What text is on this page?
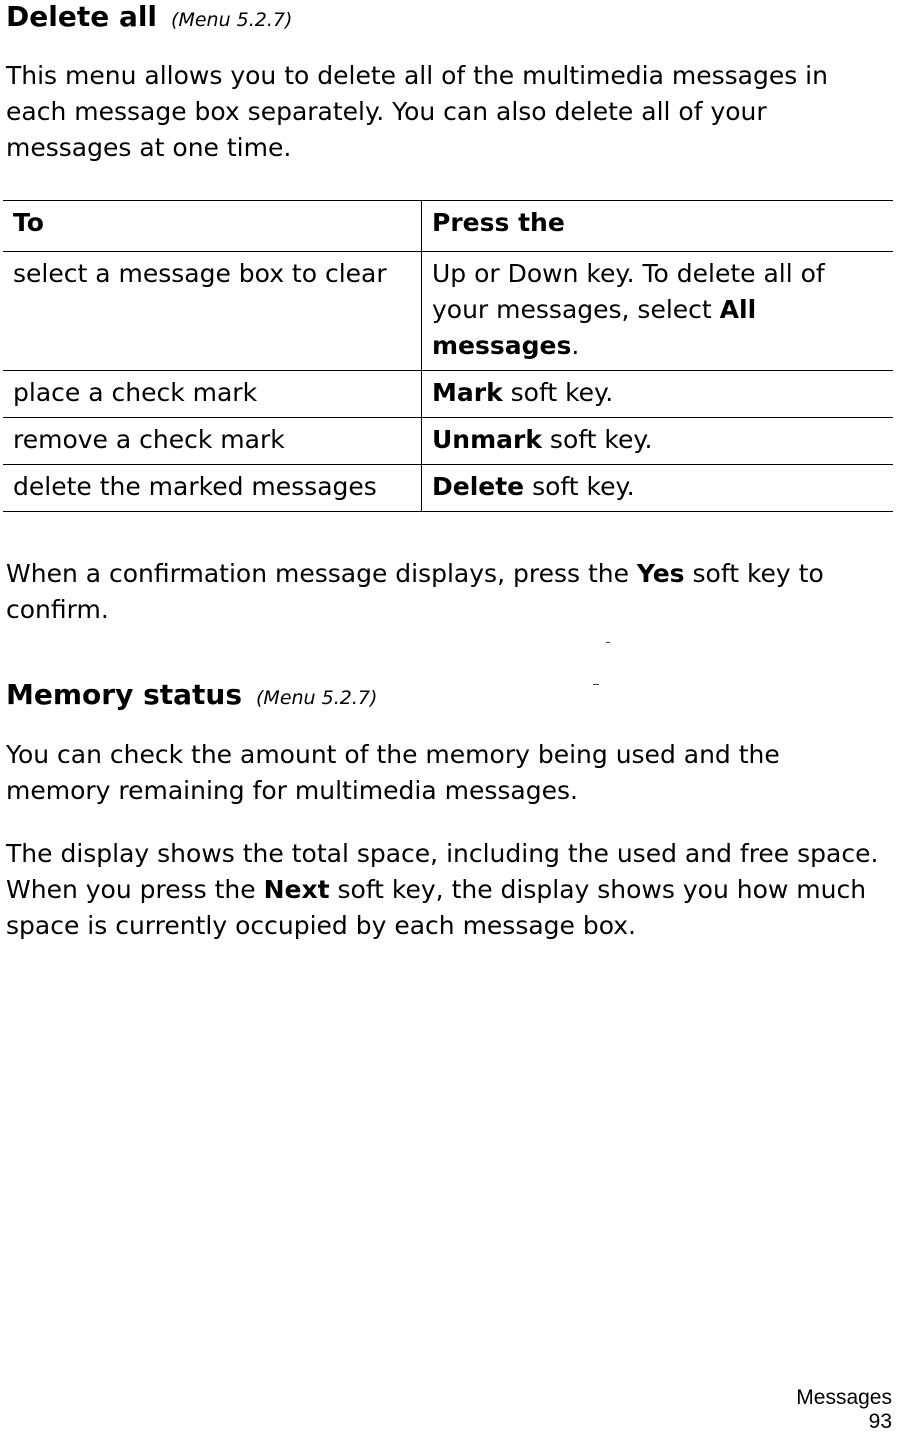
Delete all (Menu 5.2.7)

This menu allows you to delete all of the multimedia messages in each message box separately. You can also delete all of your messages at one time.

To	Press the
select a message box to clear	Up or Down key. To delete all of your messages, select All messages.
place a check mark	Mark soft key.
remove a check mark	Unmark soft key.
delete the marked messages	Delete soft key.

When a confirmation message displays, press the Yes soft key to confirm.

Memory status (Menu 5.2.7)

You can check the amount of the memory being used and the memory remaining for multimedia messages.

The display shows the total space, including the used and free space. When you press the Next soft key, the display shows you how much space is currently occupied by each message box.

Messages
93
